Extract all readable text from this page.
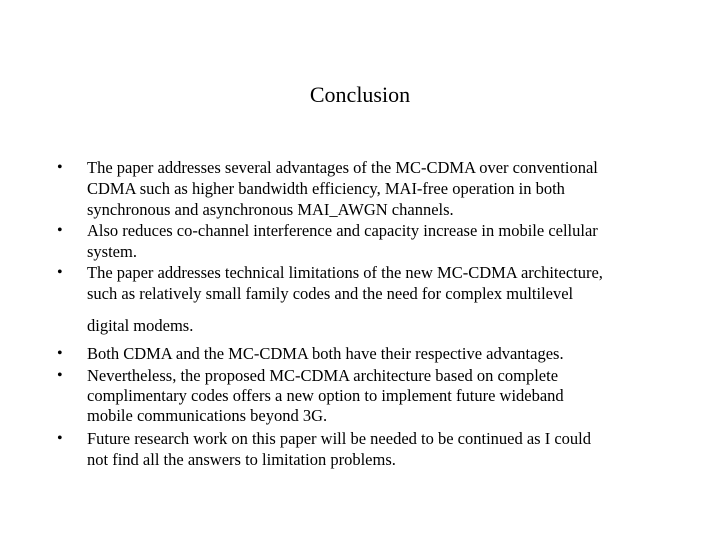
Conclusion
• The paper addresses several advantages of the MC-CDMA over conventional
CDMA such as higher bandwidth efficiency, MAI-free operation in both
synchronous and asynchronous MAI_AWGN channels.
• Also reduces co-channel interference and capacity increase in mobile cellular
system.
• The paper addresses technical limitations of the new MC-CDMA architecture,
such as relatively small family codes and the need for complex multilevel
digital modems.
• Both CDMA and the MC-CDMA both have their respective advantages.
• Nevertheless, the proposed MC-CDMA architecture based on complete
complimentary codes offers a new option to implement future wideband
mobile communications beyond 3G.
• Future research work on this paper will be needed to be continued as I could
not find all the answers to limitation problems.
